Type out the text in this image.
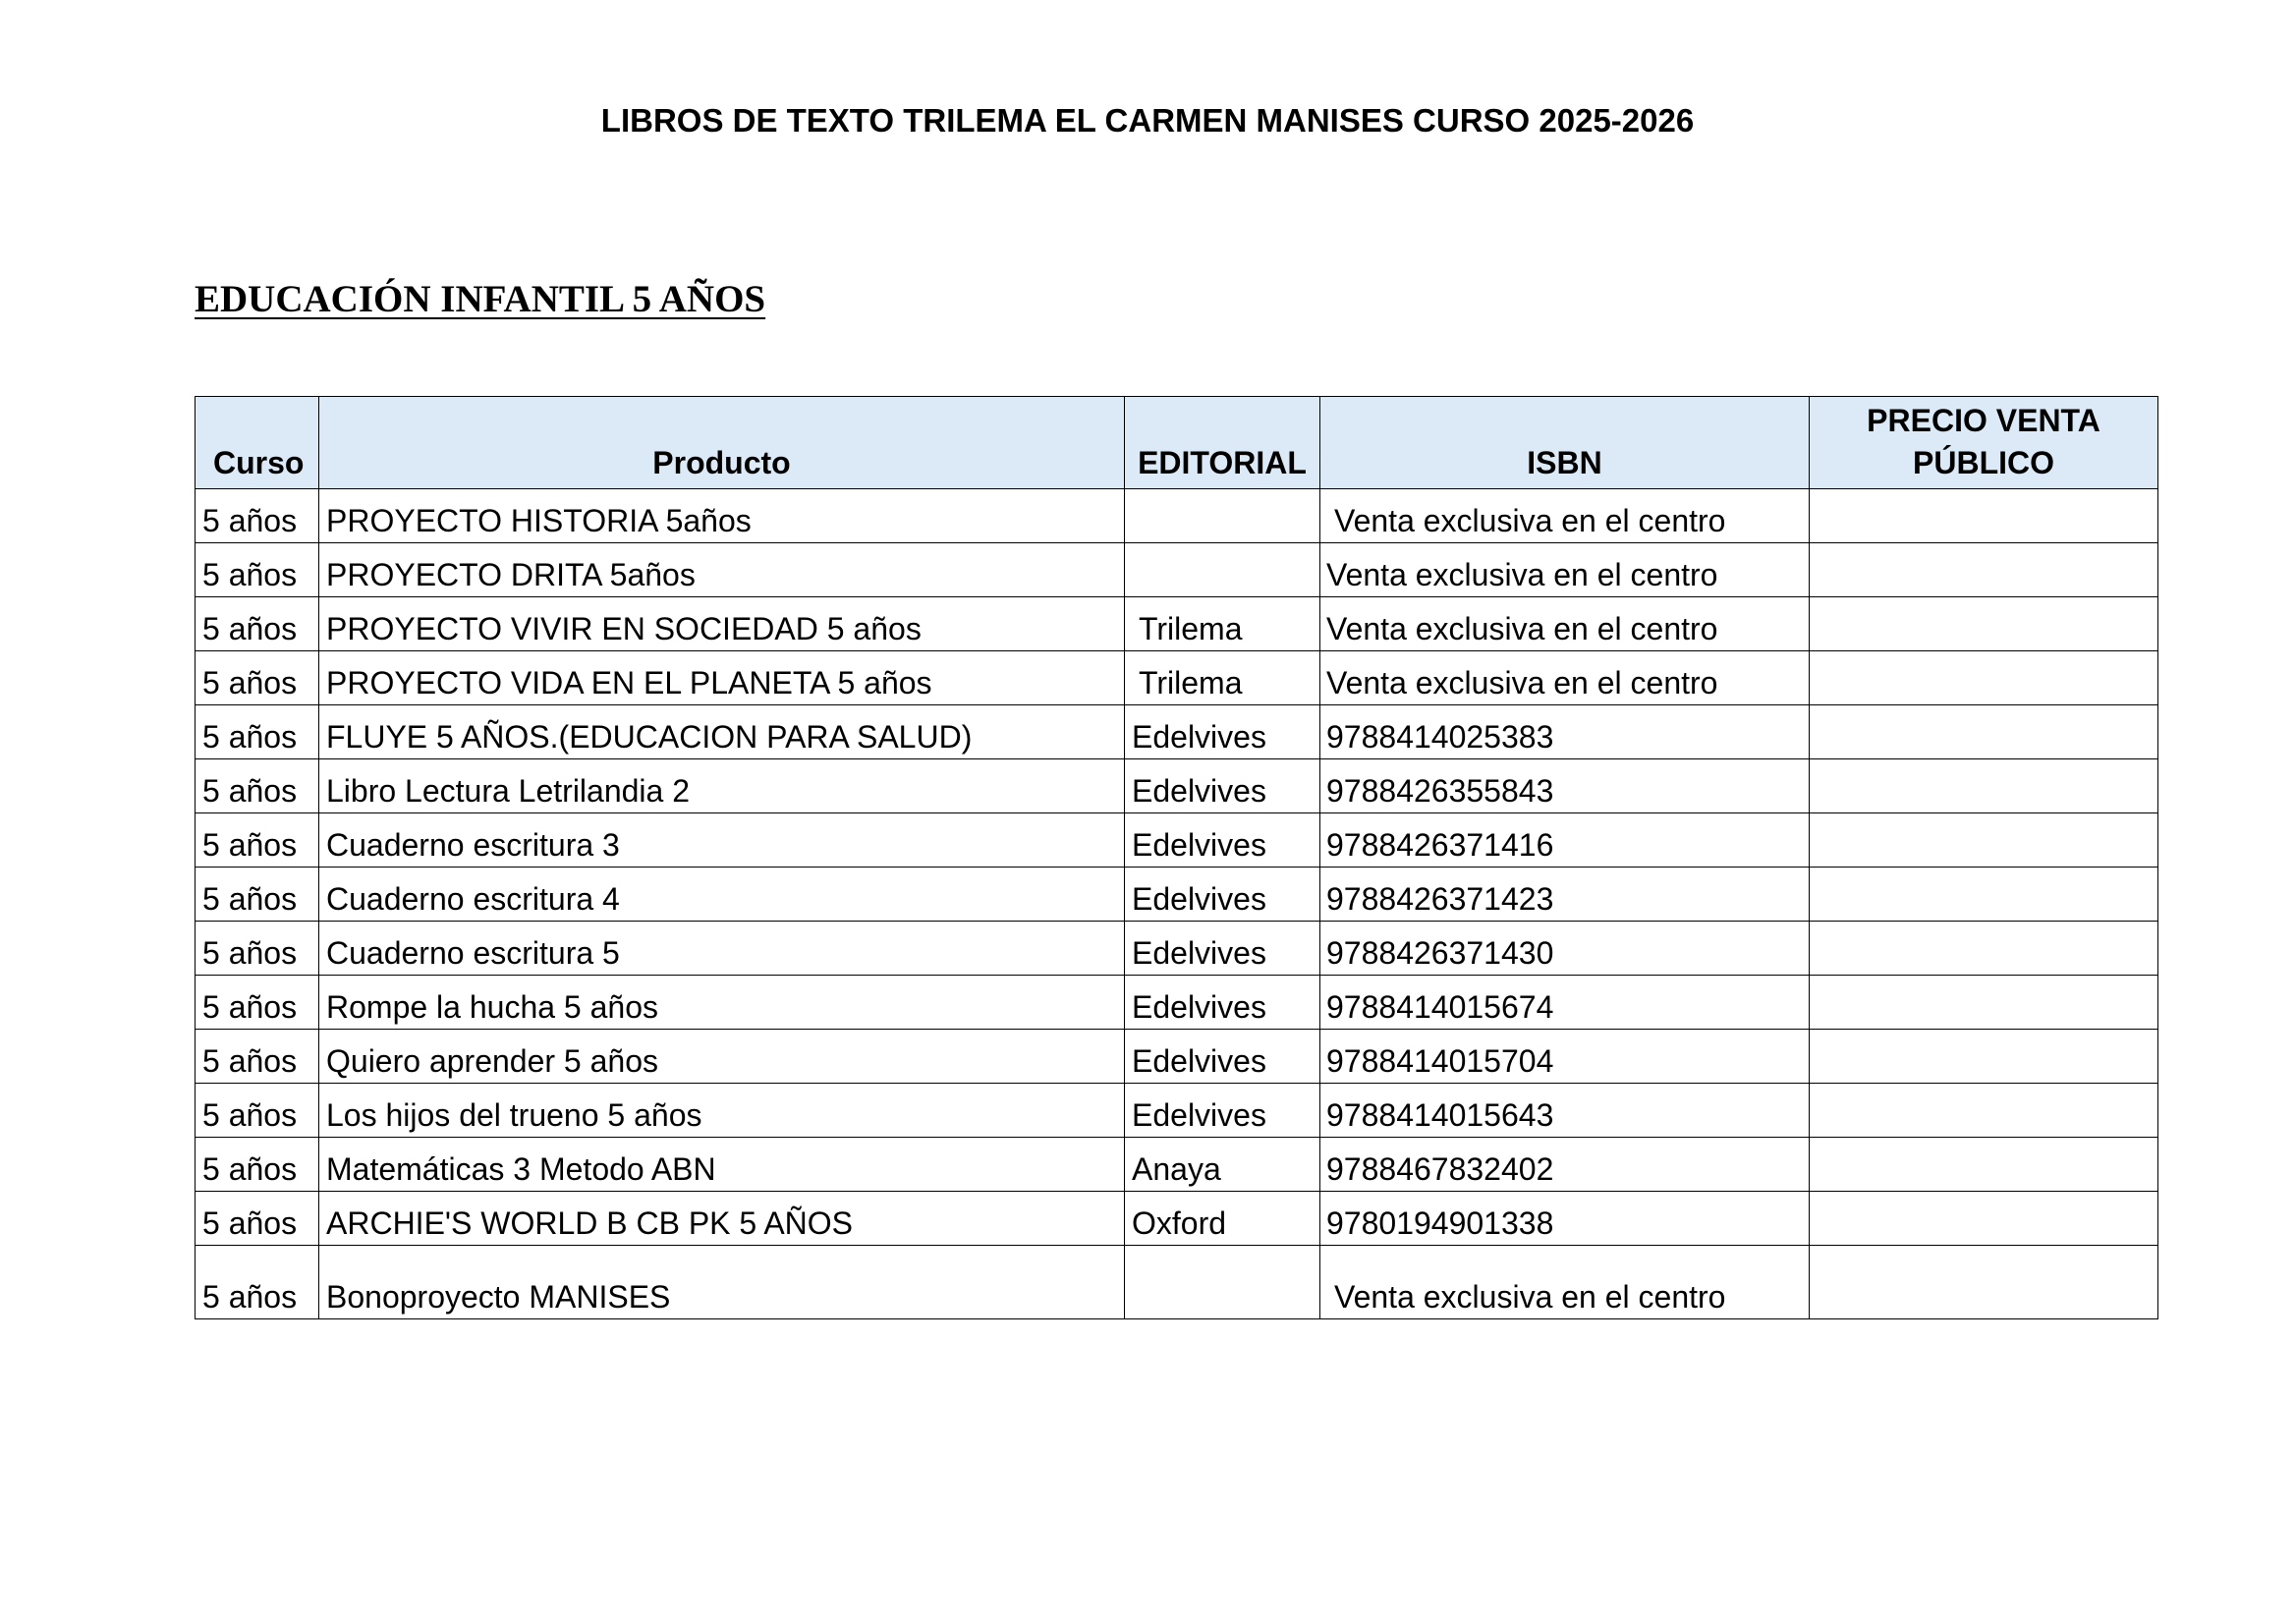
LIBROS DE TEXTO TRILEMA EL CARMEN MANISES CURSO 2025-2026
EDUCACIÓN INFANTIL 5 AÑOS
Curso	Producto	EDITORIAL	ISBN	PRECIO VENTA PÚBLICO
5 años	PROYECTO HISTORIA 5años		Venta exclusiva en el centro	
5 años	PROYECTO DRITA 5años		Venta exclusiva en el centro	
5 años	PROYECTO VIVIR EN SOCIEDAD 5 años	Trilema	Venta exclusiva en el centro	
5 años	PROYECTO VIDA EN EL PLANETA 5 años	Trilema	Venta exclusiva en el centro	
5 años	FLUYE 5 AÑOS.(EDUCACION PARA SALUD)	Edelvives	9788414025383	
5 años	Libro Lectura Letrilandia 2	Edelvives	9788426355843	
5 años	Cuaderno escritura 3	Edelvives	9788426371416	
5 años	Cuaderno escritura 4	Edelvives	9788426371423	
5 años	Cuaderno escritura 5	Edelvives	9788426371430	
5 años	Rompe la hucha 5 años	Edelvives	9788414015674	
5 años	Quiero aprender 5 años	Edelvives	9788414015704	
5 años	Los hijos del trueno 5 años	Edelvives	9788414015643	
5 años	Matemáticas 3 Metodo ABN	Anaya	9788467832402	
5 años	ARCHIE'S WORLD B CB PK 5 AÑOS	Oxford	9780194901338	
5 años	Bonoproyecto MANISES		Venta exclusiva en el centro	
